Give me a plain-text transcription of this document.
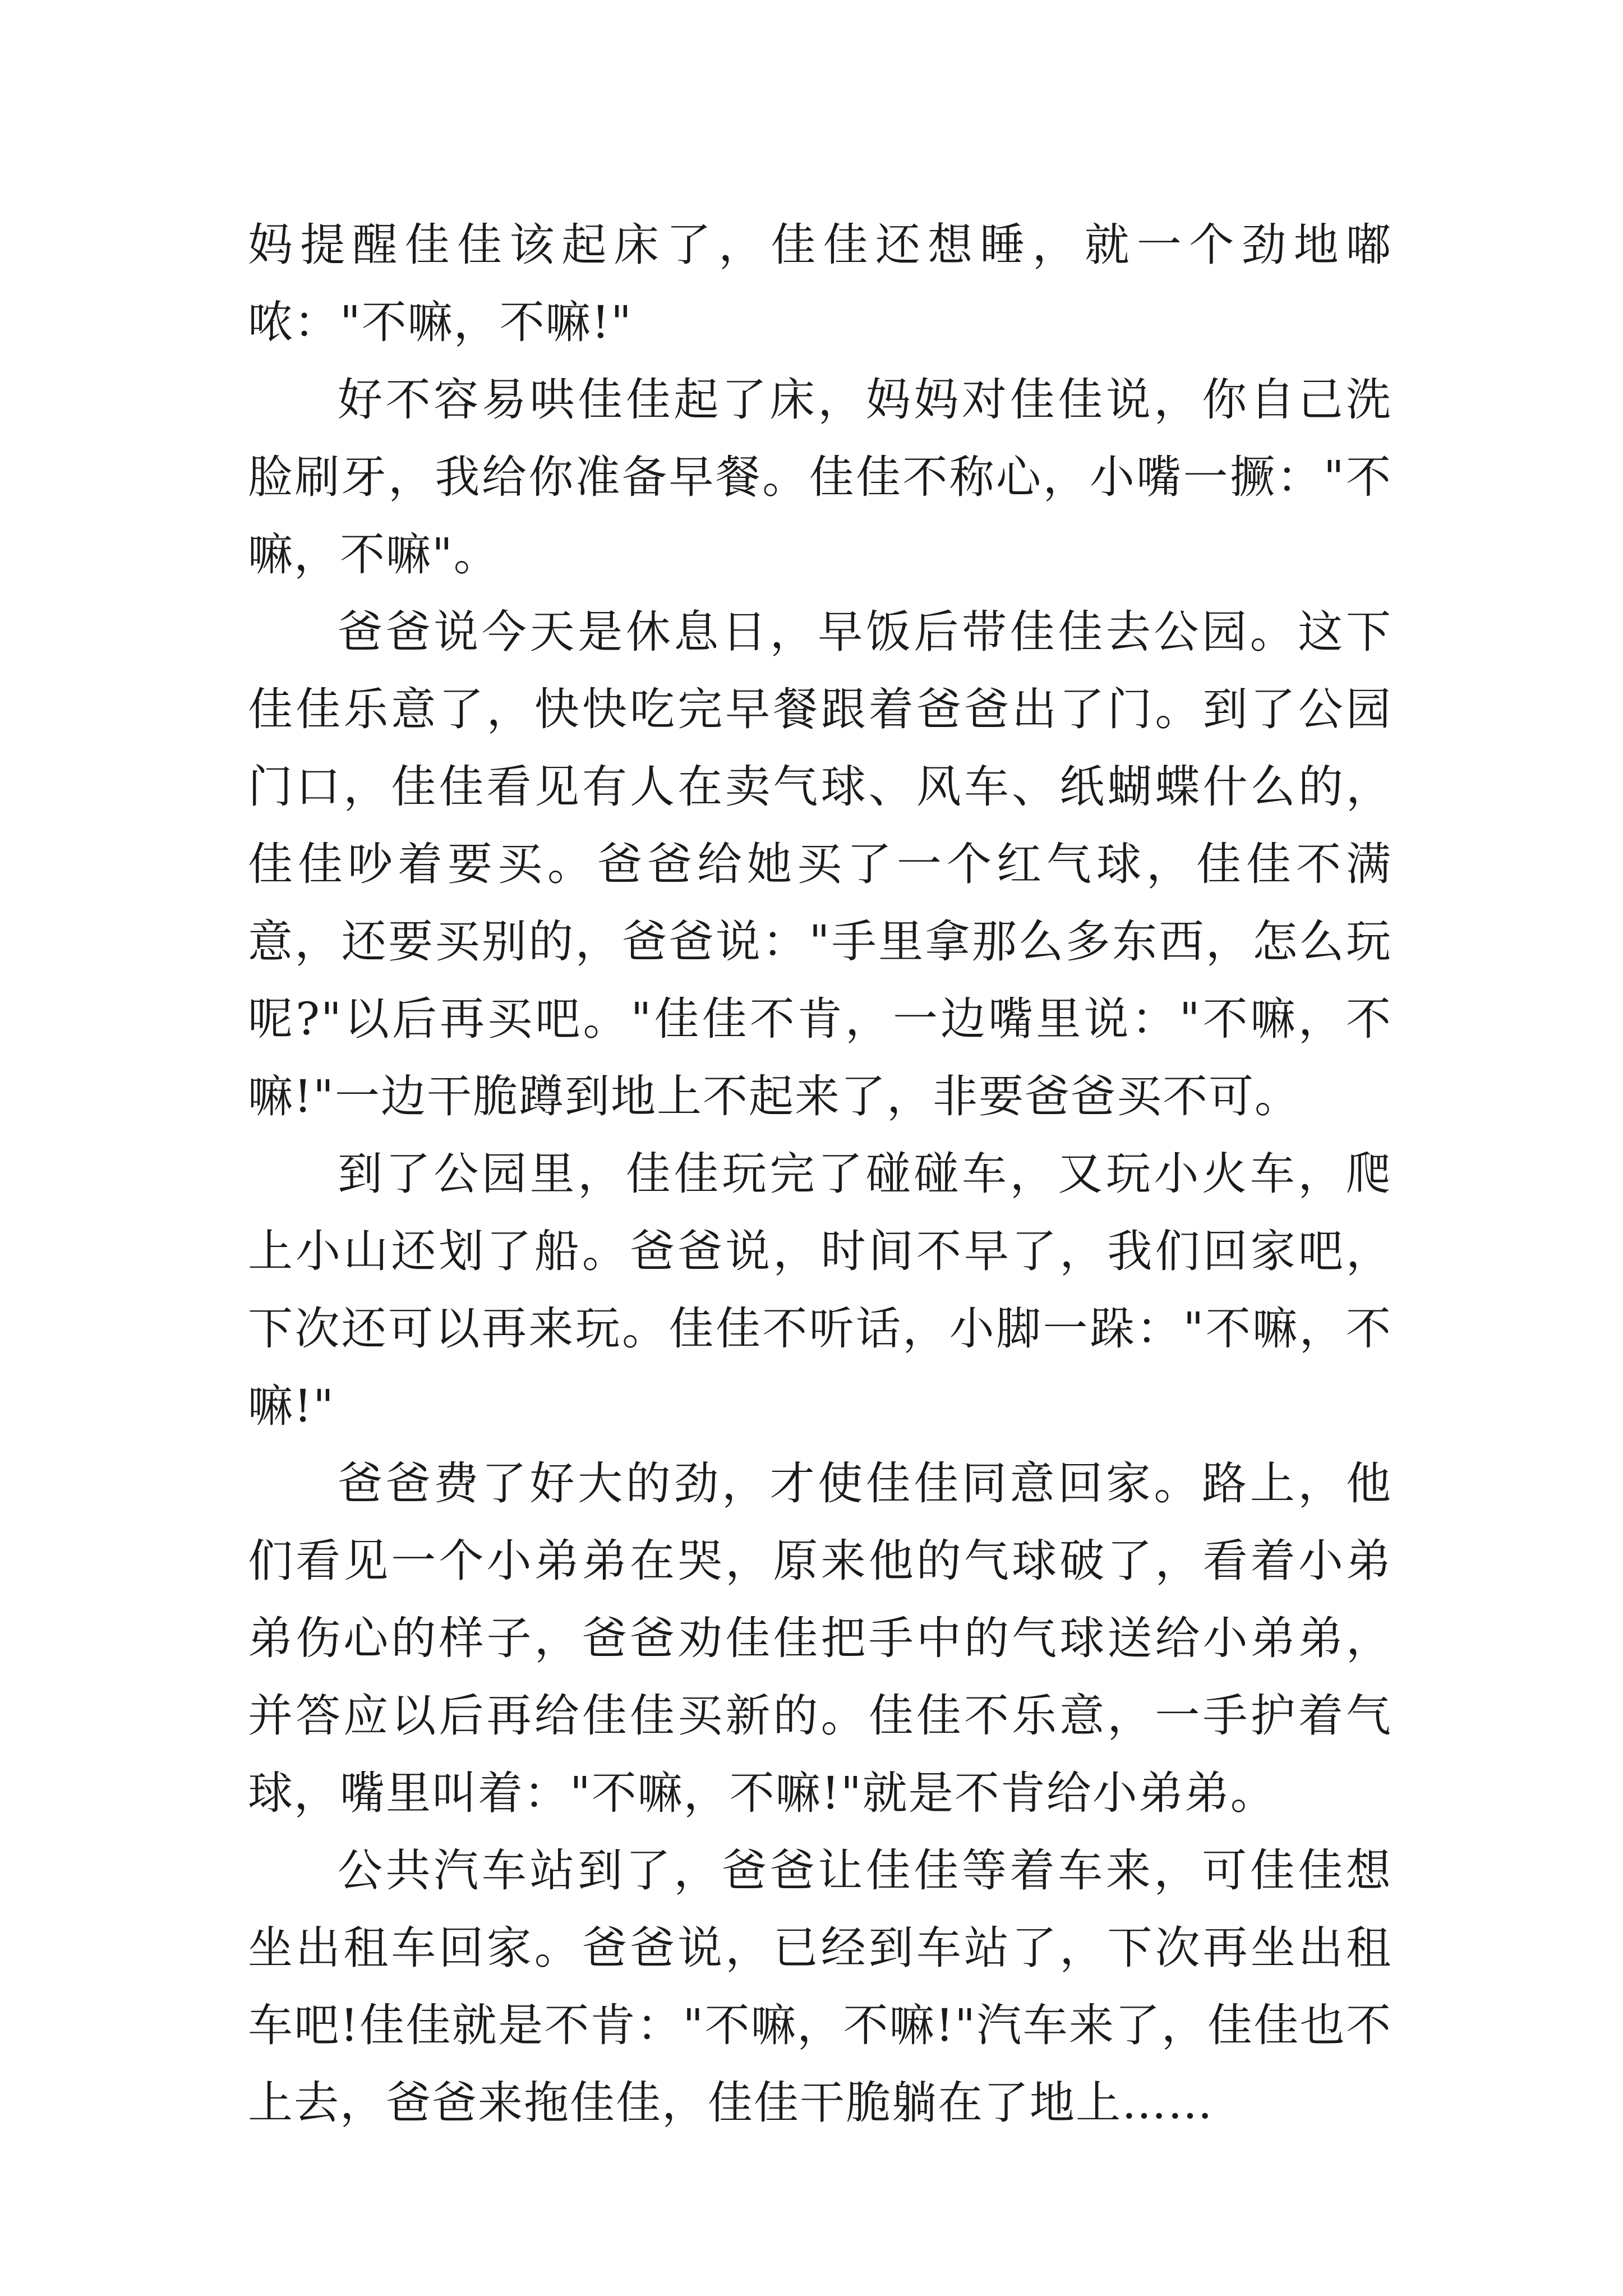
妈提醒佳佳该起床了，佳佳还想睡，就一个劲地嘟哝："不嘛，不嘛!"

好不容易哄佳佳起了床，妈妈对佳佳说，你自己洗脸刷牙，我给你准备早餐。佳佳不称心，小嘴一撅："不嘛，不嘛"。

爸爸说今天是休息日，早饭后带佳佳去公园。这下佳佳乐意了，快快吃完早餐跟着爸爸出了门。到了公园门口，佳佳看见有人在卖气球、风车、纸蝴蝶什么的，佳佳吵着要买。爸爸给她买了一个红气球，佳佳不满意，还要买别的，爸爸说："手里拿那么多东西，怎么玩呢?"以后再买吧。"佳佳不肯，一边嘴里说："不嘛，不嘛!"一边干脆蹲到地上不起来了，非要爸爸买不可。

到了公园里，佳佳玩完了碰碰车，又玩小火车，爬上小山还划了船。爸爸说，时间不早了，我们回家吧，下次还可以再来玩。佳佳不听话，小脚一跺："不嘛，不嘛!"

爸爸费了好大的劲，才使佳佳同意回家。路上，他们看见一个小弟弟在哭，原来他的气球破了，看着小弟弟伤心的样子，爸爸劝佳佳把手中的气球送给小弟弟，并答应以后再给佳佳买新的。佳佳不乐意，一手护着气球，嘴里叫着："不嘛，不嘛!"就是不肯给小弟弟。

公共汽车站到了，爸爸让佳佳等着车来，可佳佳想坐出租车回家。爸爸说，已经到车站了，下次再坐出租车吧!佳佳就是不肯："不嘛，不嘛!"汽车来了，佳佳也不上去，爸爸来拖佳佳，佳佳干脆躺在了地上……
